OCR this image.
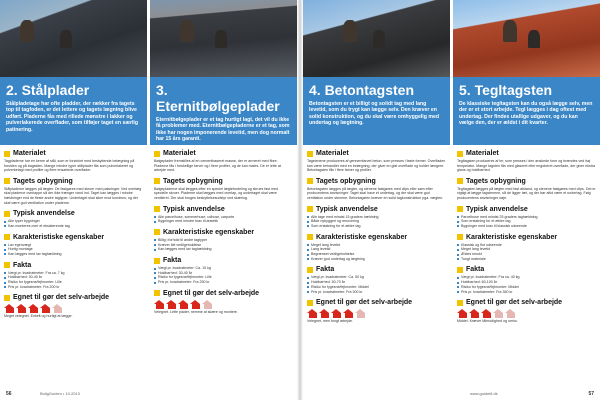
2. Stålplader

Stålpladetage har ofte pladder, der rækker fra tagets top til tagfoden, er det lettere og tagets lægning blive udført. Pladerne fås med rillede mønstre i lakker og pulverlakerede overflader, som tilføjer taget en særlig patinering.

Materialet
Tagpladerne har en kerne af stål, som er forzinket med beskyttende belægning på forsiden og på bagsiden. Mange mindre typer stålplader fås som pulverlakeret og pulverbelagt med profiler og flere ensartede overflader.
Tagets opbygning
Stålpladerne lægges på lægter. De fastgøres med skruer med pakninger. Ved overlæg skal pladerne overlappe så der ikke trænger vand ind. Taget kan lægges i mindre hældninger end de fleste andre tagtyper. Undertaget skal sikre mod kondens, og der skal være god ventilation under pladerne.
Typisk anvendelse
Alle typer bygninger
Kan monteres over et eksisterende tag
Karakteristiske egenskaber
Lav egenvægt
Hurtig montage
Kan lægges med lav taghældning
Fakta
Vægt pr. kvadratmeter: Fra ca. 7 kg
Holdbarhed: 30-40 år
Risiko for fygesne/fejlmonter: Lille
Pris pr. kvadratmeter: Fra 200 kr
Egnet til gør det selv-arbejde
Meget velegnet. Enkelt og hurtigt at lægge.
3. Eternitbølgeplader

Eternitbølgeplader er et tag hurtigt lagt, det vil du ikke få problemer med. Eternitbølgepladerne er et tag, som ikke har nogen imponerende levetid, men dog normalt har 15 års garanti.

Materialet
Bølgeplader fremstilles af en cementbaseret masse, der er armeret med fibre. Pladerne fås i forskellige farver og i flere profiler, og de kan males. De er lette at arbejde med.
Tagets opbygning
Bølgepladerne skal lægges efter en speciel lægtefordeling og skrues fast med specielle skruer. Pladerne skal lægges med overlap, og undertaget skal være ventileret. Der skal bruges beskyttelsesudstyr ved skæring.
Typisk anvendelse
Alle parcelhuse, sommerhuse, udhuse, carporte
Bygninger med mindre krav til æstetik
Karakteristiske egenskaber
Billig i forhold til andre tagtyper
Kræver lidt vedligeholdelse
Kan lægges med lav taghældning
Fakta
Vægt pr. kvadratmeter: Ca. 15 kg
Holdbarhed: 30-40 år
Risiko for fygesne/fejlmonter: Lille
Pris pr. kvadratmeter: Fra 250 kr
Egnet til gør det selv-arbejde
Velegnet. Lette plader, nemme at skære og montere.
4. Betontagsten

Betontagsten er et billigt og solidt tag med lang levetid, som du trygt kan lægge selv. Den kræver en solid konstruktion, og du skal være omhyggelig med undertag og lægtning.

Materialet
Tagstenene produceres af gennemfarvet beton, som presses i faste former. Overfladen kan være behandlet med en belægning, der giver en glat overflade og holder længere. Betontagsten fås i flere farver og profiler.
Tagets opbygning
Betontagsten lægges på lægter, og stenene fastgøres med clips eller søm efter producentens anvisninger. Taget skal have et undertag, og der skal være god ventilation under stenene. Betontagsten kræver en solid tagkonstruktion pga. vægten.
Typisk anvendelse
Alle tage med mindst 15 graders hældning
Både nybyggeri og renovering
Som erstatning for et ældre tag
Karakteristiske egenskaber
Meget lang levetid
Lang levetid
Begrænset vedligeholdelse
Kræver god undertag og lægtning
Fakta
Vægt pr. kvadratmeter: Ca. 50 kg
Holdbarhed: 50-70 år
Risiko for fygesne/fejlmonter: Middel
Pris pr. kvadratmeter: Fra 300 kr
Egnet til gør det selv-arbejde
Velegnet, men tungt arbejde.
5. Tegltagsten

De klassiske tegltagsten kan du også lægge selv, men der er et stort arbejde. Tegl lægges i dag oftest med undertag. Der findes utallige udgaver, og du kan vælge den, der er ældst i dit kvarter.

Materialet
Tegltagsten produceres af ler, som presses i den ønskede form og brændes ved høj temperatur. Mange tagsten fås med glaseret eller engoberet overflade, der giver ekstra glans og holdbarhed.
Tagets opbygning
Tegltagsten lægges på lægter med fast afstand, og stenene fastgøres med clips. Det er vigtigt at lægge tagstenene, så de ligger tæt, og der bør altid være et undertag. Følg producentens anvisninger nøje.
Typisk anvendelse
Parcelhuse med mindst 25 graders taghældning
Som erstatning for et ældre tag
Bygninger med krav til klassisk udseende
Karakteristiske egenskaber
Klassisk og flot udseende
Meget lang levetid
Ældes smukt
Tungt materiale
Fakta
Vægt pr. kvadratmeter: Fra ca. 40 kg
Holdbarhed: 60-100 år
Risiko for fygesne/fejlmonter: Middel
Pris pr. kvadratmeter: Fra 350 kr
Egnet til gør det selv-arbejde
Middel. Kræver tålmodighed og omhu.
56	BoligGuiden • 10.2013	www.guidetil.dk	57
